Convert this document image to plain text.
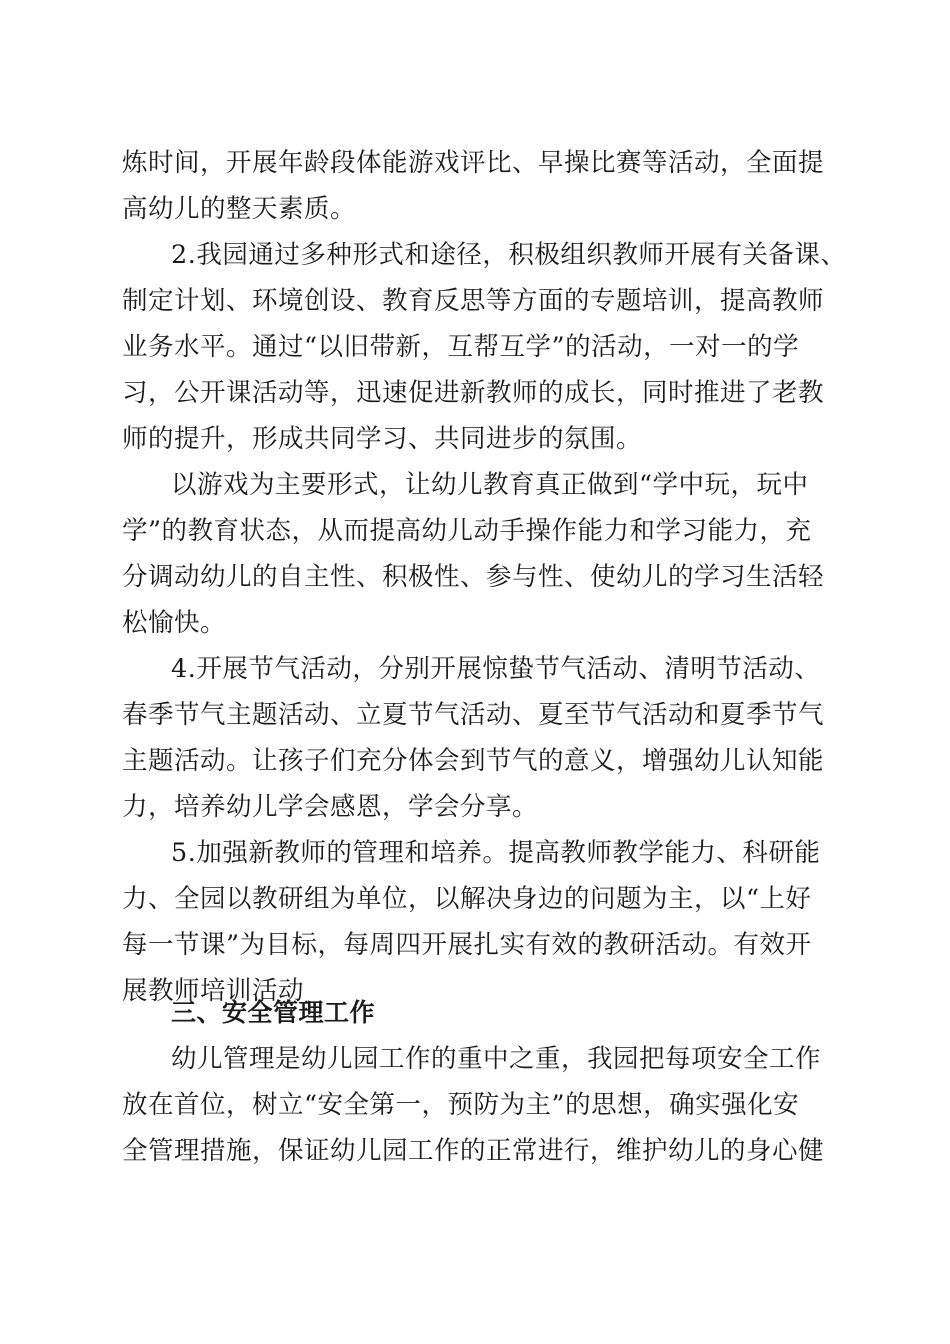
炼时间，开展年龄段体能游戏评比、早操比赛等活动，全面提
高幼儿的整天素质。
2.我园通过多种形式和途径，积极组织教师开展有关备课、
制定计划、环境创设、教育反思等方面的专题培训，提高教师
业务水平。通过“以旧带新，互帮互学”的活动，一对一的学
习，公开课活动等，迅速促进新教师的成长，同时推进了老教
师的提升，形成共同学习、共同进步的氛围。
以游戏为主要形式，让幼儿教育真正做到“学中玩，玩中
学”的教育状态，从而提高幼儿动手操作能力和学习能力，充
分调动幼儿的自主性、积极性、参与性、使幼儿的学习生活轻
松愉快。
4.开展节气活动，分别开展惊蛰节气活动、清明节活动、
春季节气主题活动、立夏节气活动、夏至节气活动和夏季节气
主题活动。让孩子们充分体会到节气的意义，增强幼儿认知能
力，培养幼儿学会感恩，学会分享。
5.加强新教师的管理和培养。提高教师教学能力、科研能
力、全园以教研组为单位，以解决身边的问题为主，以“上好
每一节课”为目标，每周四开展扎实有效的教研活动。有效开
展教师培训活动
三、安全管理工作
幼儿管理是幼儿园工作的重中之重，我园把每项安全工作
放在首位，树立“安全第一，预防为主”的思想，确实强化安
全管理措施，保证幼儿园工作的正常进行，维护幼儿的身心健
